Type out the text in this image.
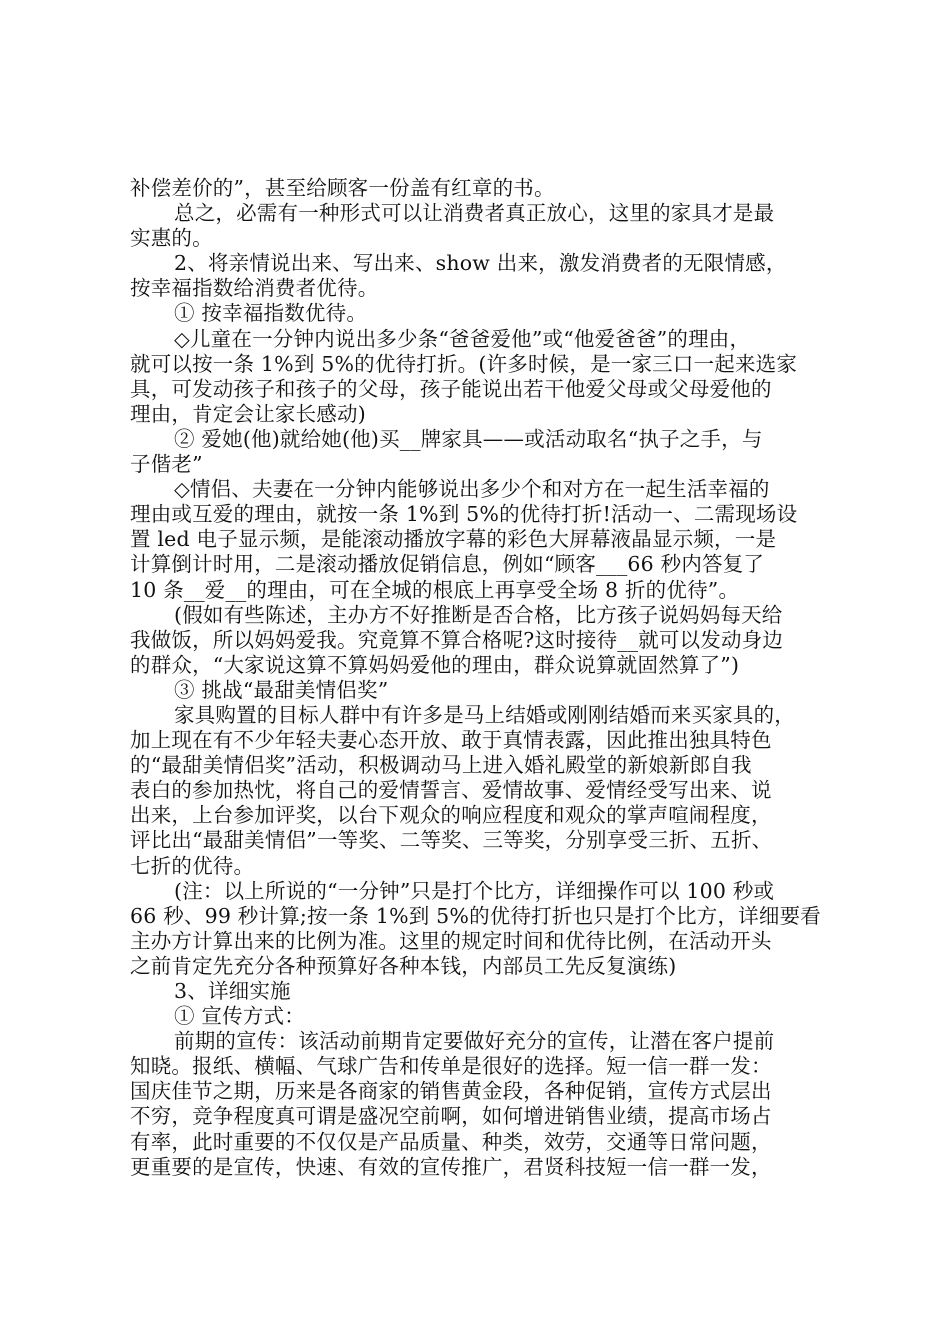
补偿差价的”，甚至给顾客一份盖有红章的书。
总之，必需有一种形式可以让消费者真正放心，这里的家具才是最
实惠的。
2、将亲情说出来、写出来、show 出来，激发消费者的无限情感，
按幸福指数给消费者优待。
① 按幸福指数优待。
◇儿童在一分钟内说出多少条“爸爸爱他”或“他爱爸爸”的理由，
就可以按一条 1%到 5%的优待打折。(许多时候，是一家三口一起来选家
具，可发动孩子和孩子的父母，孩子能说出若干他爱父母或父母爱他的
理由，肯定会让家长感动)
② 爱她(他)就给她(他)买__牌家具——或活动取名“执子之手，与
子偕老”
◇情侣、夫妻在一分钟内能够说出多少个和对方在一起生活幸福的
理由或互爱的理由，就按一条 1%到 5%的优待打折!活动一、二需现场设
置 led 电子显示频，是能滚动播放字幕的彩色大屏幕液晶显示频，一是
计算倒计时用，二是滚动播放促销信息，例如“顾客___66 秒内答复了
10 条__爱__的理由，可在全城的根底上再享受全场 8 折的优待”。
(假如有些陈述，主办方不好推断是否合格，比方孩子说妈妈每天给
我做饭，所以妈妈爱我。究竟算不算合格呢?这时接待__就可以发动身边
的群众，“大家说这算不算妈妈爱他的理由，群众说算就固然算了”)
③ 挑战“最甜美情侣奖”
家具购置的目标人群中有许多是马上结婚或刚刚结婚而来买家具的，
加上现在有不少年轻夫妻心态开放、敢于真情表露，因此推出独具特色
的“最甜美情侣奖”活动，积极调动马上进入婚礼殿堂的新娘新郎自我
表白的参加热忱，将自己的爱情誓言、爱情故事、爱情经受写出来、说
出来，上台参加评奖，以台下观众的响应程度和观众的掌声喧闹程度，
评比出“最甜美情侣”一等奖、二等奖、三等奖，分别享受三折、五折、
七折的优待。
(注：以上所说的“一分钟”只是打个比方，详细操作可以 100 秒或
66 秒、99 秒计算;按一条 1%到 5%的优待打折也只是打个比方，详细要看
主办方计算出来的比例为准。这里的规定时间和优待比例，在活动开头
之前肯定先充分各种预算好各种本钱，内部员工先反复演练)
3、详细实施
① 宣传方式：
前期的宣传：该活动前期肯定要做好充分的宣传，让潜在客户提前
知晓。报纸、横幅、气球广告和传单是很好的选择。短一信一群一发：
国庆佳节之期，历来是各商家的销售黄金段，各种促销，宣传方式层出
不穷，竞争程度真可谓是盛况空前啊，如何增进销售业绩，提高市场占
有率，此时重要的不仅仅是产品质量、种类，效劳，交通等日常问题，
更重要的是宣传，快速、有效的宣传推广，君贤科技短一信一群一发，
